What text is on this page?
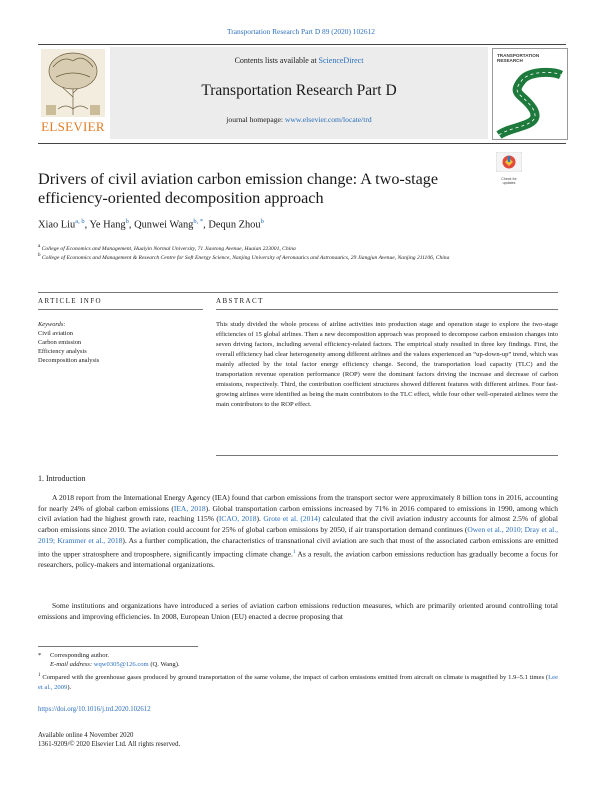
Transportation Research Part D 89 (2020) 102612
Contents lists available at ScienceDirect
Transportation Research Part D
journal homepage: www.elsevier.com/locate/trd
ELSEVIER
TRANSPORTATION
RESEARCH
Check for updates
Drivers of civil aviation carbon emission change: A two-stage efficiency-oriented decomposition approach
Xiao Liu$^{a, b}$, Ye Hang$^b$, Qunwei Wang$^{b, *}$, Dequn Zhou$^b$
$^a$ College of Economics and Management, Huaiyin Normal University, 71 Jiaotong Avenue, Huaian 223001, China
$^b$ College of Economics and Management & Research Centre for Soft Energy Science, Nanjing University of Aeronautics and Astronautics, 29 Jiangjun Avenue, Nanjing 211106, China
ARTICLE INFO	ABSTRACT
Keywords:
Civil aviation
Carbon emission
Efficiency analysis
Decomposition analysis
This study divided the whole process of airline activities into production stage and operation stage to explore the two-stage efficiencies of 15 global airlines. Then a new decomposition approach was proposed to decompose carbon emission changes into seven driving factors, including several efficiency-related factors. The empirical study resulted in three key findings. First, the overall efficiency had clear heterogeneity among different airlines and the values experienced an “up-down-up” trend, which was mainly affected by the total factor energy efficiency change. Second, the transportation load capacity (TLC) and the transportation revenue operation performance (ROP) were the dominant factors driving the increase and decrease of carbon emissions, respectively. Third, the contribution coefficient structures showed different features with different airlines. Four fast-growing airlines were identified as being the main contributors to the TLC effect, while four other well-operated airlines were the main contributors to the ROP effect.
1. Introduction
A 2018 report from the International Energy Agency (IEA) found that carbon emissions from the transport sector were approximately 8 billion tons in 2016, accounting for nearly 24% of global carbon emissions (IEA, 2018). Global transportation carbon emissions increased by 71% in 2016 compared to emissions in 1990, among which civil aviation had the highest growth rate, reaching 115% (ICAO, 2018). Grote et al. (2014) calculated that the civil aviation industry accounts for almost 2.5% of global carbon emissions since 2010. The aviation could account for 25% of global carbon emissions by 2050, if air transportation demand continues (Owen et al., 2010; Dray et al., 2019; Krammer et al., 2018). As a further complication, the characteristics of transnational civil aviation are such that most of the associated carbon emissions are emitted into the upper stratosphere and troposphere, significantly impacting climate change.$^1$ As a result, the aviation carbon emissions reduction has gradually become a focus for researchers, policy-makers and international organizations.
Some institutions and organizations have introduced a series of aviation carbon emissions reduction measures, which are primarily oriented around controlling total emissions and improving efficiencies. In 2008, European Union (EU) enacted a decree proposing that
* Corresponding author.
E-mail address: wqw0305@126.com (Q. Wang).
$^1$ Compared with the greenhouse gases produced by ground transportation of the same volume, the impact of carbon emissions emitted from aircraft on climate is magnified by 1.9–5.1 times (Lee et al., 2009).
https://doi.org/10.1016/j.trd.2020.102612
Available online 4 November 2020
1361-9209/© 2020 Elsevier Ltd. All rights reserved.
